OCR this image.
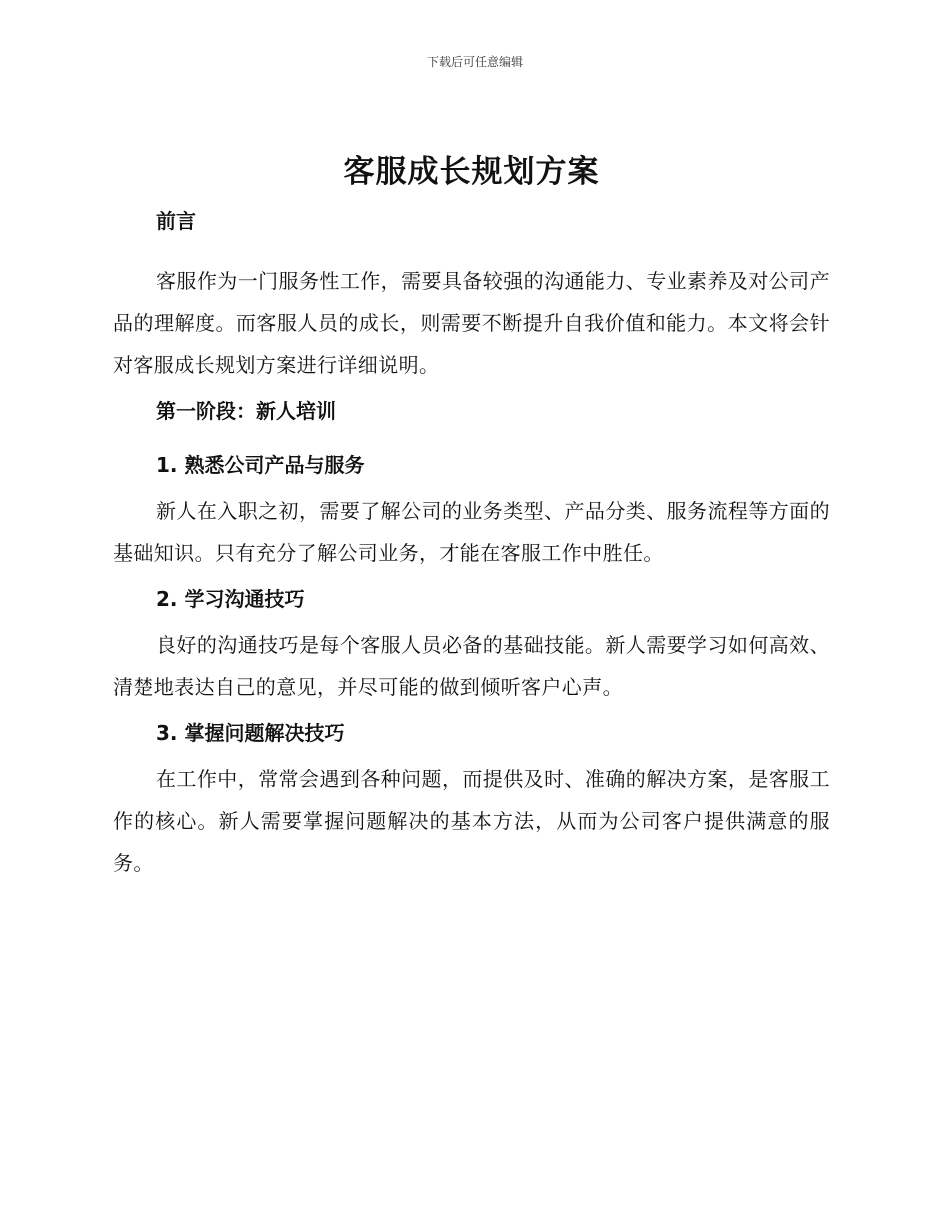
下载后可任意编辑
客服成长规划方案
前言

客服作为一门服务性工作，需要具备较强的沟通能力、专业素养及对公司产品的理解度。而客服人员的成长，则需要不断提升自我价值和能力。本文将会针对客服成长规划方案进行详细说明。

第一阶段：新人培训
1. 熟悉公司产品与服务

新人在入职之初，需要了解公司的业务类型、产品分类、服务流程等方面的基础知识。只有充分了解公司业务，才能在客服工作中胜任。

2. 学习沟通技巧

良好的沟通技巧是每个客服人员必备的基础技能。新人需要学习如何高效、清楚地表达自己的意见，并尽可能的做到倾听客户心声。

3. 掌握问题解决技巧

在工作中，常常会遇到各种问题，而提供及时、准确的解决方案，是客服工作的核心。新人需要掌握问题解决的基本方法，从而为公司客户提供满意的服务。
